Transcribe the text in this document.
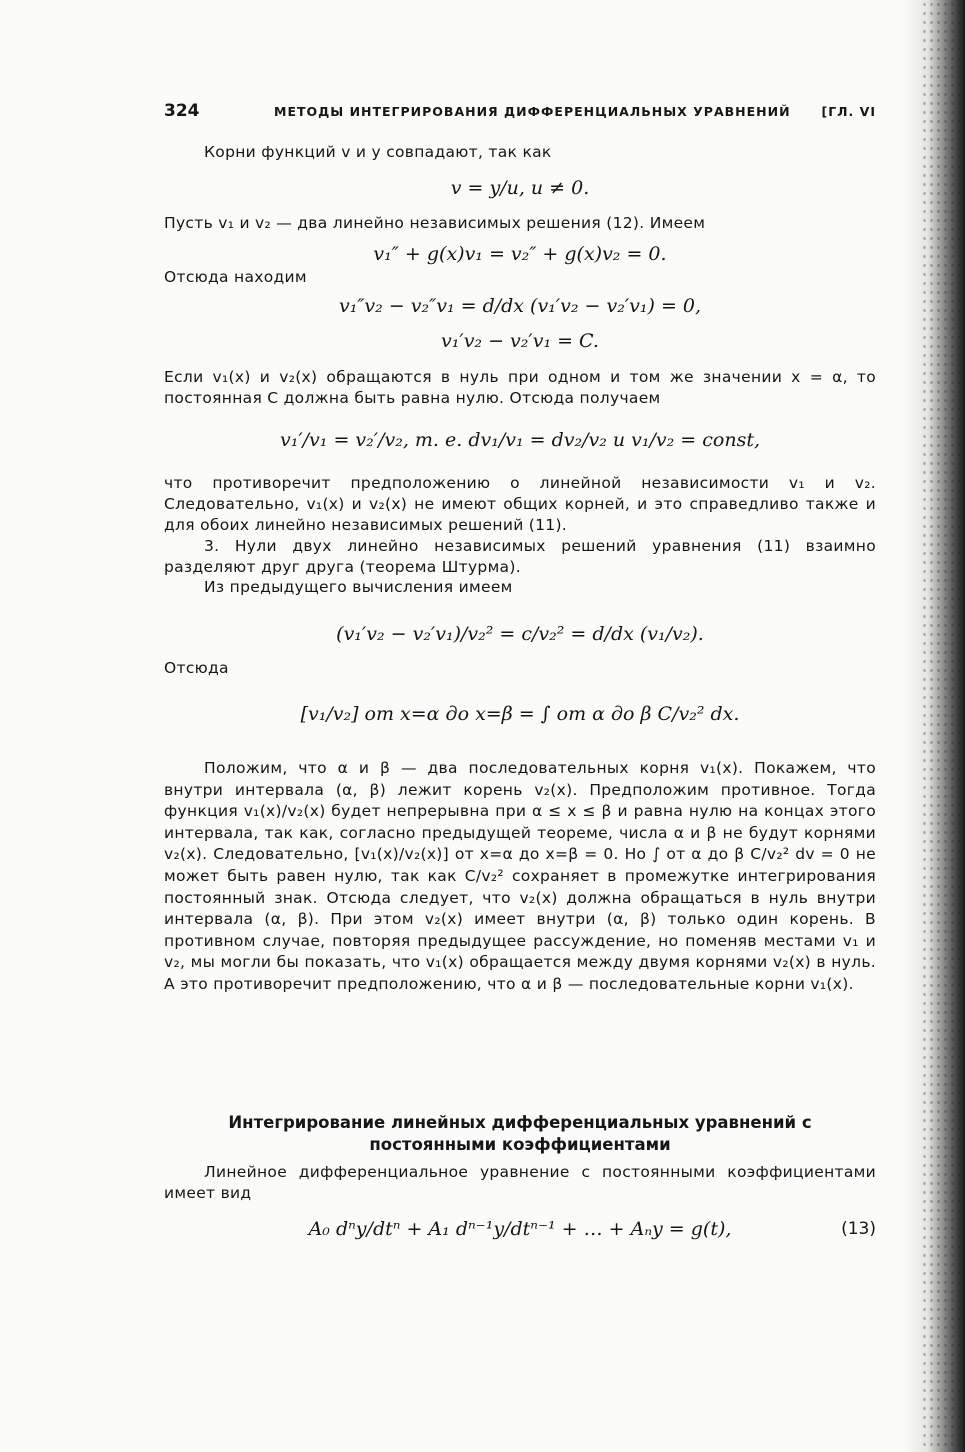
324	МЕТОДЫ ИНТЕГРИРОВАНИЯ ДИФФЕРЕНЦИАЛЬНЫХ УРАВНЕНИЙ [ГЛ. VI
Корни функций v и y совпадают, так как
v = y/u, u ≠ 0.
Пусть v₁ и v₂ — два линейно независимых решения (12). Имеем
v₁″ + g(x)v₁ = v₂″ + g(x)v₂ = 0.
Отсюда находим
v₁″v₂ − v₂″v₁ = d/dx (v₁′v₂ − v₂′v₁) = 0,
v₁′v₂ − v₂′v₁ = C.
Если v₁(x) и v₂(x) обращаются в нуль при одном и том же значении x = α, то постоянная C должна быть равна нулю. Отсюда получаем
v₁′/v₁ = v₂′/v₂, т. е. dv₁/v₁ = dv₂/v₂ и v₁/v₂ = const,
что противоречит предположению о линейной независимости v₁ и v₂. Следовательно, v₁(x) и v₂(x) не имеют общих корней, и это справедливо также и для обоих линейно независимых решений (11).
3. Нули двух линейно независимых решений уравнения (11) взаимно разделяют друг друга (теорема Штурма).
Из предыдущего вычисления имеем
(v₁′v₂ − v₂′v₁)/v₂² = c/v₂² = d/dx (v₁/v₂).
Отсюда
[v₁/v₂] от x=α до x=β = ∫ от α до β C/v₂² dx.
Положим, что α и β — два последовательных корня v₁(x). Покажем, что внутри интервала (α, β) лежит корень v₂(x). Предположим противное. Тогда функция v₁(x)/v₂(x) будет непрерывна при α ≤ x ≤ β и равна нулю на концах этого интервала, так как, согласно предыдущей теореме, числа α и β не будут корнями v₂(x). Следовательно, [v₁(x)/v₂(x)] от x=α до x=β = 0. Но ∫ от α до β C/v₂² dv = 0 не может быть равен нулю, так как C/v₂² сохраняет в промежутке интегрирования постоянный знак. Отсюда следует, что v₂(x) должна обращаться в нуль внутри интервала (α, β). При этом v₂(x) имеет внутри (α, β) только один корень. В противном случае, повторяя предыдущее рассуждение, но поменяв местами v₁ и v₂, мы могли бы показать, что v₁(x) обращается между двумя корнями v₂(x) в нуль. А это противоречит предположению, что α и β — последовательные корни v₁(x).
Интегрирование линейных дифференциальных уравнений с постоянными коэффициентами
Линейное дифференциальное уравнение с постоянными коэффициентами имеет вид
A₀ dⁿy/dtⁿ + A₁ dⁿ⁻¹y/dtⁿ⁻¹ + … + Aₙy = g(t),	(13)
